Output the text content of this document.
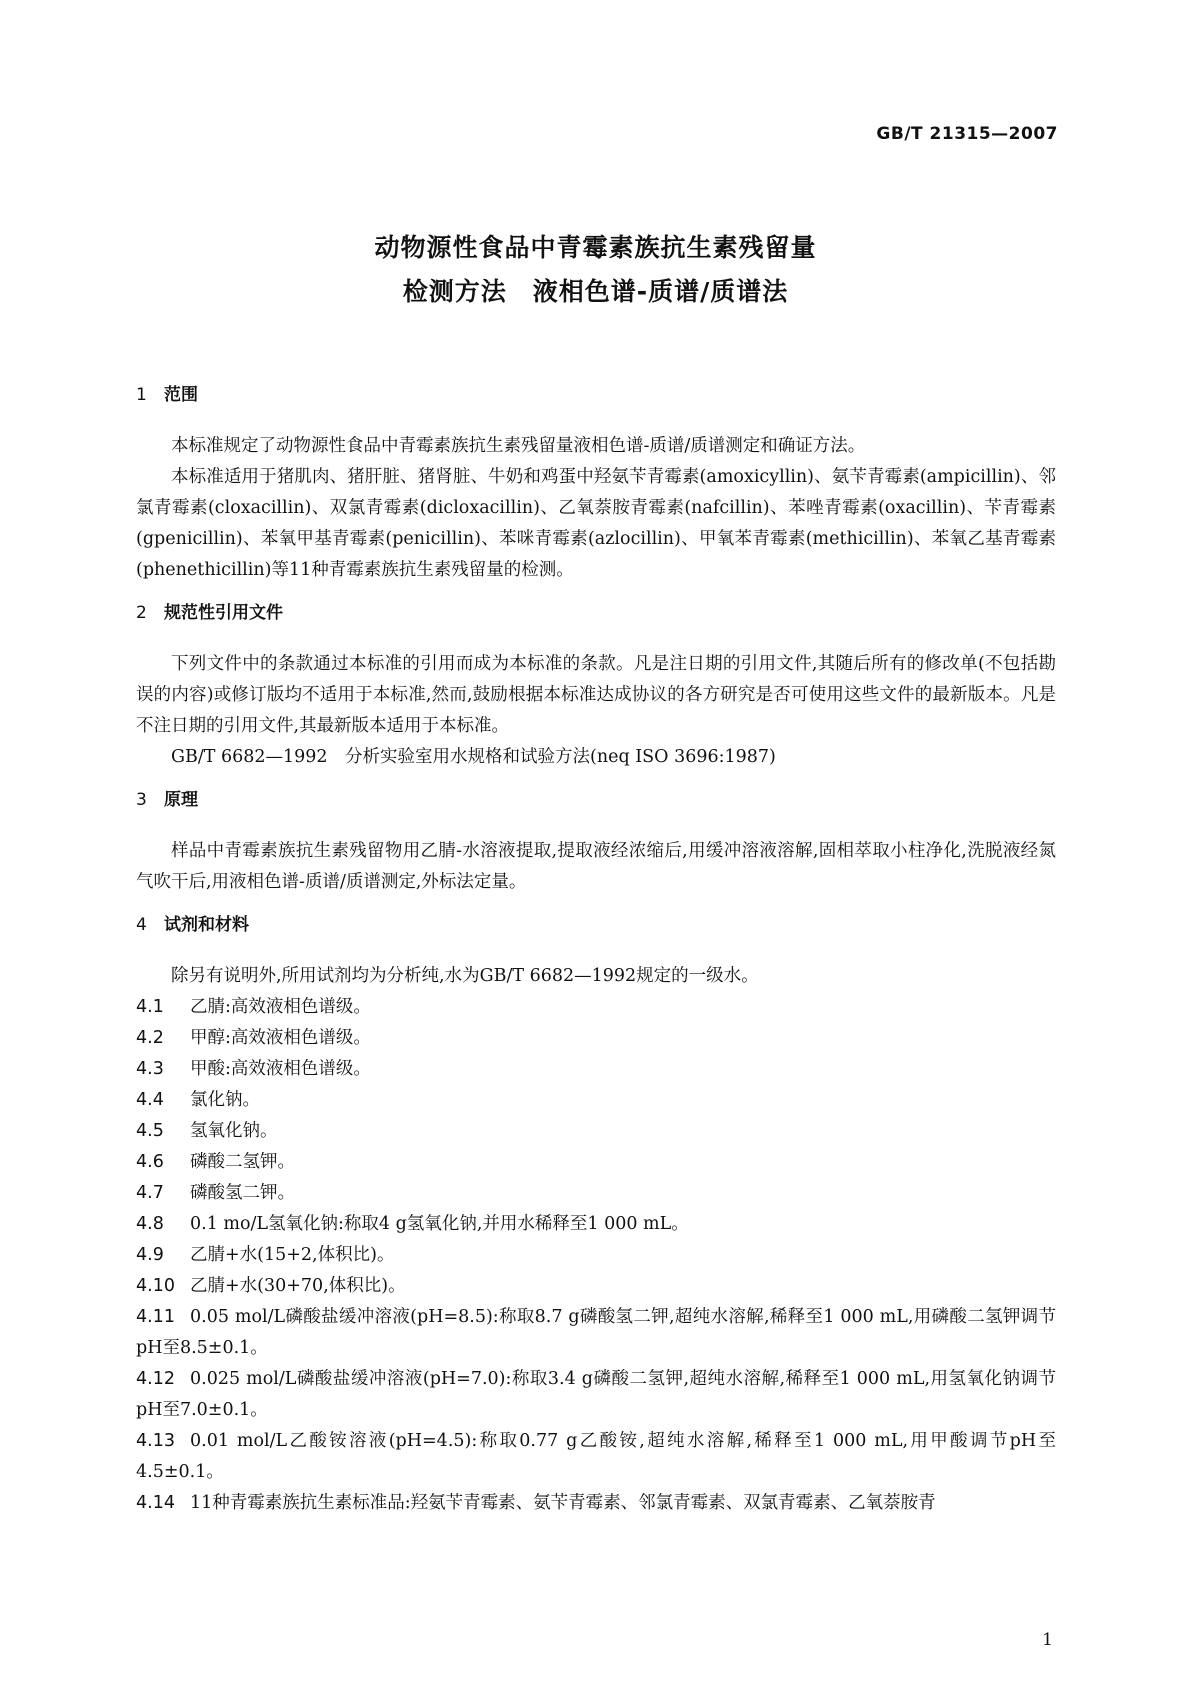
GB/T 21315—2007
动物源性食品中青霉素族抗生素残留量
检测方法　液相色谱-质谱/质谱法
1 范围

本标准规定了动物源性食品中青霉素族抗生素残留量液相色谱-质谱/质谱测定和确证方法。

本标准适用于猪肌肉、猪肝脏、猪肾脏、牛奶和鸡蛋中羟氨苄青霉素(amoxicyllin)、氨苄青霉素(ampicillin)、邻氯青霉素(cloxacillin)、双氯青霉素(dicloxacillin)、乙氧萘胺青霉素(nafcillin)、苯唑青霉素(oxacillin)、苄青霉素(gpenicillin)、苯氧甲基青霉素(penicillin)、苯咪青霉素(azlocillin)、甲氧苯青霉素(methicillin)、苯氧乙基青霉素(phenethicillin)等11种青霉素族抗生素残留量的检测。

2 规范性引用文件

下列文件中的条款通过本标准的引用而成为本标准的条款。凡是注日期的引用文件,其随后所有的修改单(不包括勘误的内容)或修订版均不适用于本标准,然而,鼓励根据本标准达成协议的各方研究是否可使用这些文件的最新版本。凡是不注日期的引用文件,其最新版本适用于本标准。

GB/T 6682—1992　分析实验室用水规格和试验方法(neq ISO 3696:1987)

3 原理

样品中青霉素族抗生素残留物用乙腈-水溶液提取,提取液经浓缩后,用缓冲溶液溶解,固相萃取小柱净化,洗脱液经氮气吹干后,用液相色谱-质谱/质谱测定,外标法定量。

4 试剂和材料

除另有说明外,所用试剂均为分析纯,水为GB/T 6682—1992规定的一级水。

4.1 乙腈:高效液相色谱级。

4.2 甲醇:高效液相色谱级。

4.3 甲酸:高效液相色谱级。

4.4 氯化钠。

4.5 氢氧化钠。

4.6 磷酸二氢钾。

4.7 磷酸氢二钾。

4.8 0.1 mo/L氢氧化钠:称取4 g氢氧化钠,并用水稀释至1 000 mL。

4.9 乙腈+水(15+2,体积比)。

4.10 乙腈+水(30+70,体积比)。

4.11 0.05 mol/L磷酸盐缓冲溶液(pH=8.5):称取8.7 g磷酸氢二钾,超纯水溶解,稀释至1 000 mL,用磷酸二氢钾调节pH至8.5±0.1。

4.12 0.025 mol/L磷酸盐缓冲溶液(pH=7.0):称取3.4 g磷酸二氢钾,超纯水溶解,稀释至1 000 mL,用氢氧化钠调节pH至7.0±0.1。

4.13 0.01 mol/L乙酸铵溶液(pH=4.5):称取0.77 g乙酸铵,超纯水溶解,稀释至1 000 mL,用甲酸调节pH至4.5±0.1。

4.14 11种青霉素族抗生素标准品:羟氨苄青霉素、氨苄青霉素、邻氯青霉素、双氯青霉素、乙氧萘胺青

1
